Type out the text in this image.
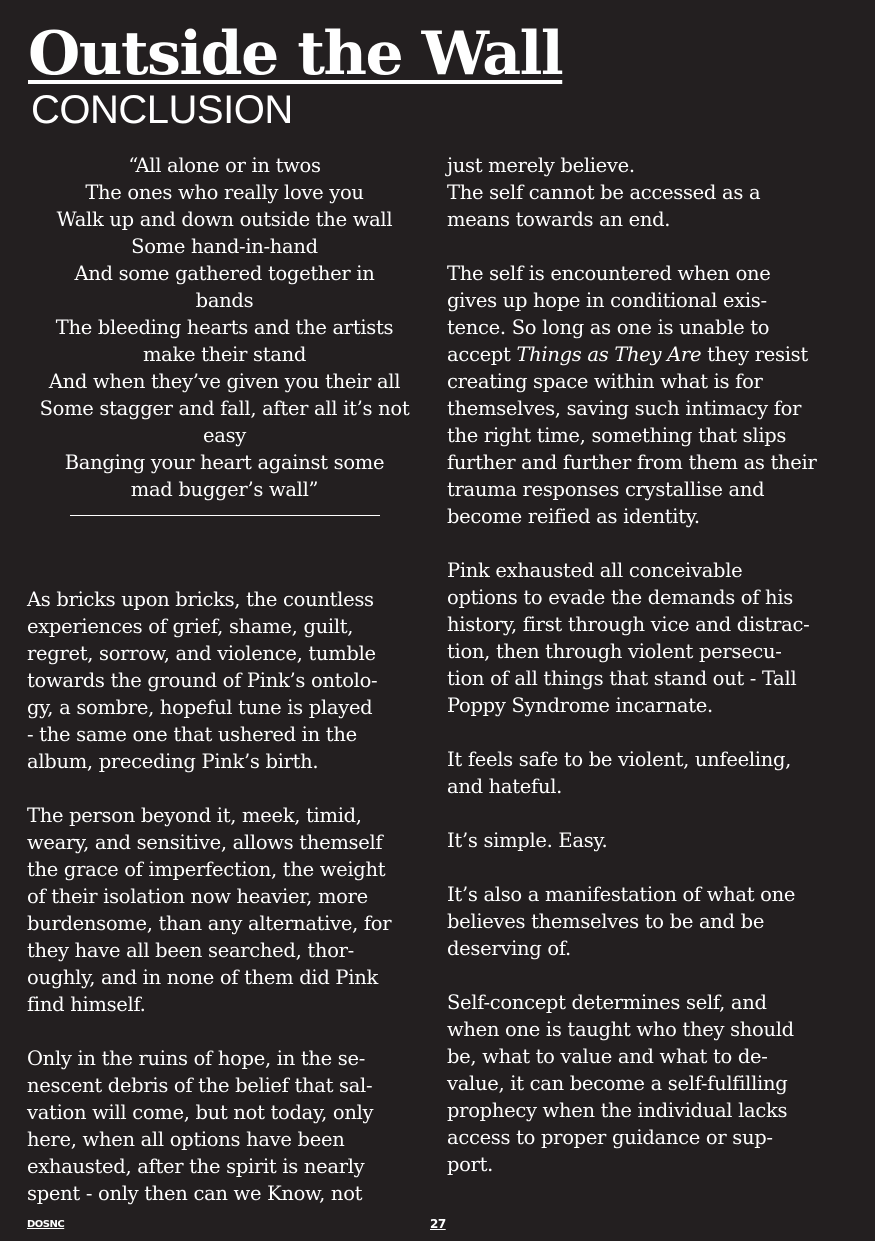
Outside the Wall
CONCLUSION
“All alone or in twos
The ones who really love you
Walk up and down outside the wall
Some hand-in-hand
And some gathered together in
bands
The bleeding hearts and the artists
make their stand
And when they’ve given you their all
Some stagger and fall, after all it’s not
easy
Banging your heart against some
mad bugger’s wall”
As bricks upon bricks, the countless
experiences of grief, shame, guilt,
regret, sorrow, and violence, tumble
towards the ground of Pink’s ontolo-
gy, a sombre, hopeful tune is played
- the same one that ushered in the
album, preceding Pink’s birth.
The person beyond it, meek, timid,
weary, and sensitive, allows themself
the grace of imperfection, the weight
of their isolation now heavier, more
burdensome, than any alternative, for
they have all been searched, thor-
oughly, and in none of them did Pink
find himself.
Only in the ruins of hope, in the se-
nescent debris of the belief that sal-
vation will come, but not today, only
here, when all options have been
exhausted, after the spirit is nearly
spent - only then can we Know, not
just merely believe.
The self cannot be accessed as a
means towards an end.
The self is encountered when one
gives up hope in conditional exis-
tence. So long as one is unable to
accept Things as They Are they resist
creating space within what is for
themselves, saving such intimacy for
the right time, something that slips
further and further from them as their
trauma responses crystallise and
become reified as identity.
Pink exhausted all conceivable
options to evade the demands of his
history, first through vice and distrac-
tion, then through violent persecu-
tion of all things that stand out - Tall
Poppy Syndrome incarnate.
It feels safe to be violent, unfeeling,
and hateful.
It’s simple. Easy.
It’s also a manifestation of what one
believes themselves to be and be
deserving of.
Self-concept determines self, and
when one is taught who they should
be, what to value and what to de-
value, it can become a self-fulfilling
prophecy when the individual lacks
access to proper guidance or sup-
port.
DOSNC	27
